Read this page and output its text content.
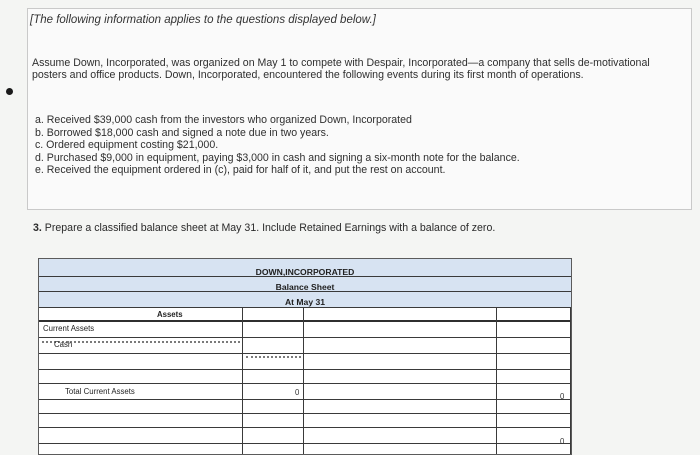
[The following information applies to the questions displayed below.]
Assume Down, Incorporated, was organized on May 1 to compete with Despair, Incorporated—a company that sells de-motivational posters and office products. Down, Incorporated, encountered the following events during its first month of operations.
a. Received $39,000 cash from the investors who organized Down, Incorporated
b. Borrowed $18,000 cash and signed a note due in two years.
c. Ordered equipment costing $21,000.
d. Purchased $9,000 in equipment, paying $3,000 in cash and signing a six-month note for the balance.
e. Received the equipment ordered in (c), paid for half of it, and put the rest on account.
3. Prepare a classified balance sheet at May 31. Include Retained Earnings with a balance of zero.
DOWN,INCORPORATED
Balance Sheet
At May 31
Assets
Current Assets
Cash
Total Current Assets	0	0
0
